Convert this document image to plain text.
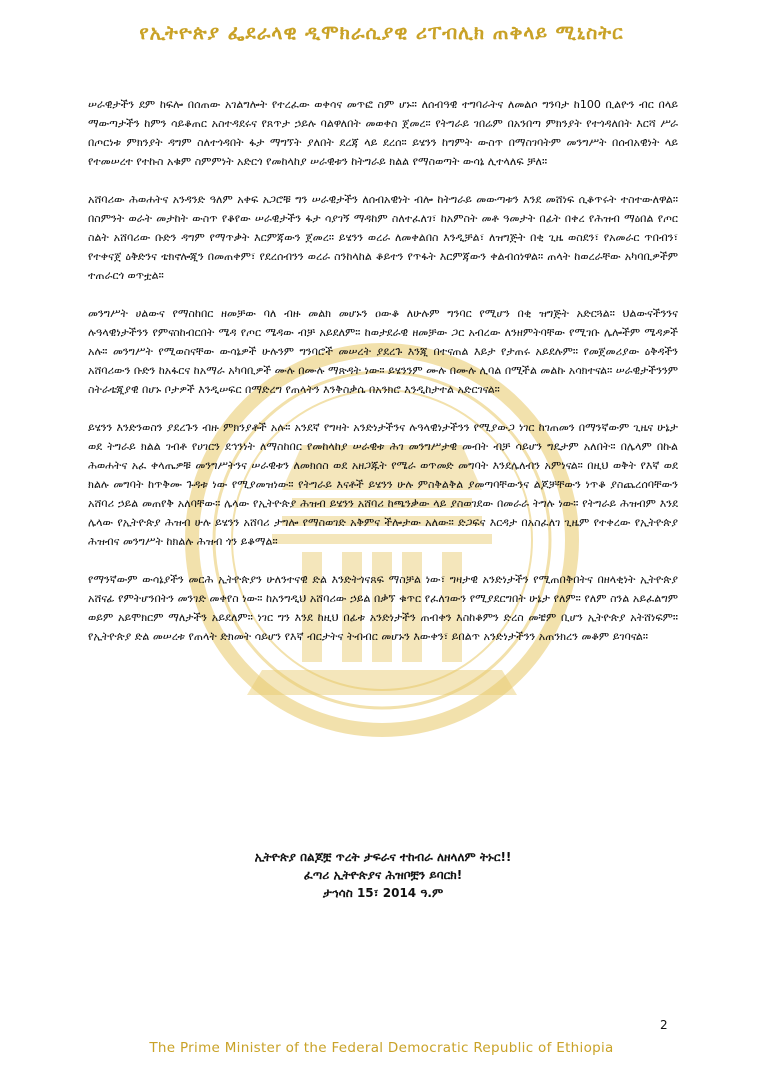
የኢትዮጵያ ፌደራላዊ ዲሞክራሲያዊ ሪፐብሊክ ጠቅላይ ሚኒስትር

ሠራዊታችን ደም ከፍሎ በሰጠው አገልግሎት የተረፈው ወቀሳና መጥፎ ስም ሆኑ። ለሰብዓዊ ተግባራትና ለመልሶ ግንባታ ከ100 ቢልዮን ብር በላይ ማውጣታችን ከምን ሳይቆጠር አስተዳደሩና የጸጥታ ኃይሉ ባልዋለበት መወቀስ ጀመረ። የትግራይ ገበሬም በአንበጣ ምክንያት የተጎዳለበት እርሻ ሥራ በጦርነቱ ምክንያት ዳግም ስለተጎዳበት ፋታ ማግኘት ያለበት ደረጃ ላይ ደረሰ። ይሄንን ከግምት ውስጥ በማስገባትም መንግሥት በሰብአዊነት ላይ የተመሠረተ የተኩስ አቁም ስምምነት አድርጎ የመከላከያ ሠራዊቱን ከትግራይ ክልል የማስወጣት ውሳኔ ሊተላለፍ ቻለ።

አሸባሪው ሕወሐትና አንዳንድ ዓለም አቀፍ አጋሮቹ ግን ሠራዊታችን ለሰብአዊነት ብሎ ከትግራይ መውጣቱን እንደ መሸነፍ ሲቆጥሩት ተስተውለዋል። በስምንት ወራት መታከት ውስጥ የቆየው ሠራዊታችን ፋታ ሳያገኝ ማዳከም ስለተፈለገ፣ ከአምስት መቶ ዓመታት በፊት በቀረ የሕዝብ ማዕበል የጦር ስልት አሸባሪው ቡድን ዳግም የማጥቃት እርምጃውን ጀመረ። ይሄንን ወረራ ለመቀልበስ እንዲቻል፣ ለዝግጅት በቂ ጊዜ ወስደን፣ የአመራር ጥበብን፣ የተቀናጀ ዕቅድንና ቴክኖሎጂን በመጠቀም፣ የደረሰብንን ወረራ ስንከላከል ቆይተን የጥፋት እርምጃውን ቀልብሰነዋል። ጠላት ከወረራቸው አካባቢዎችም ተጠራርጎ ወጥቷል።

መንግሥት ሀልውና የማስከበር ዘመቻው ባለ ብዙ መልክ መሆኑን ዐውቆ ለሁሉም ግንባር የሚሆን በቂ ዝግጅት አድርጓል። ህልውናችንንና ሉዓላዊነታችንን የምናስከብርበት ሜዳ የጦር ሜዳው ብቻ አይደለም። ከወታደራዊ ዘመቻው ጋር አብረው ለንዘምትባቸው የሚገቡ ሌሎችም ሜዳዎች አሉ። መንግሥት የሚወስናቸው ውሳኔዎች ሁሉንም ግንባሮች መሠረት ያደረጉ እንጂ በተናጠል እይታ የታጠሩ አይደሉም። የመጀመሪያው ዕቅዳችን አሸባሪውን ቡድን ከአፋርና ከአማራ አካባቢዎች ሙሉ በሙሉ ማጽዳት ነው። ይሄንንም ሙሉ በሙሉ ሊባል በሚችል መልኩ አሳክተናል። ሠራዊታችንንም ስትራቴጂያዊ በሆኑ ቦታዎች እንዲሠፍር በማድረግ የጠላትን እንቅስቃሴ በአንክሮ እንዲከታተል አድርገናል።

ይሄንን እንድንወስን ያደረጉን ብዙ ምክንያቶች አሉ። አንደኛ የግዛት አንድነታችንና ሉዓላዊነታችንን የሚያውጋ ነገር ከገጠመን በማንኛውም ጊዜና ሁኔታ ወደ ትግራይ ክልል ገብቶ የሀገርን ደኅንነት ለማስከበር የመከላከያ ሠራዊቱ ሕገ መንግሥታዊ መብት ብቻ ሳይሆን ግዴታም አለበት። በሌላም በኩል ሕወሐትና አፈ ቀላጤዎቹ መንግሥትንና ሠራዊቱን ለመክሰስ ወደ አዘጋጁት የሜራ ወጥመድ መግባት እንደሌለብን አምነናል። በዚህ ወቅት የእኛ ወደ ክልሉ መግባት ከጥቅሙ ጉዳቱ ነው የሚያመዝነው። የትግራይ እናቶች ይሄንን ሁሉ ምስቅልቅል ያመጣባቸውንና ልጆቻቸውን ነጥቆ ያስጨረሰባቸውን አሸባሪ ኃይል መጠየቅ አለባቸው። ሌላው የኢትዮጵያ ሕዝብ ይሄንን አሸባሪ ከጫንቃው ላይ ያስወገደው በመራራ ትግሉ ነው። የትግራይ ሕዝብም እንደ ሌላው የኢትዮጵያ ሕዝብ ሁሉ ይሄንን አሸባሪ ታግሎ የማስወገድ አቅምና ችሎታው አለው። ድጋፍና እርዳታ በአስፈለገ ጊዜም የተቀረው የኢትዮጵያ ሕዝብና መንግሥት ከክልሉ ሕዝብ ጎን ይቆማል።

የማንኛውም ውሳኔያችን መርሕ ኢትዮጵያን ሁለንተናዊ ድል እንድትጎናጸፍ ማስቻል ነው፣ ግዛታዊ አንድነታችን የሚጠበቅበትና በዘላቂነት ኢትዮጵያ አሸናፊ የምትሆንበትን መንገድ መቀየስ ነው። ከአንግዲህ አሸባሪው ኃይል በቃኘ ቁጥር የፈለገውን የሚያደርግበት ሁኔታ የለም። የለም ስንል አይፈልግም ወይም አይሞክርም ማለታችን አይደለም። ነገር ግን እንደ ከዚህ በፊቱ አንድነታችን ጠብቀን እስከቆምን ድረስ መቼም ቢሆን ኢትዮጵያ አትሸነፍም። የኢትዮጵያ ድል መሠረቱ የጠላት ድክመት ሳይሆን የእኛ ብርታትና ትብብር መሆኑን እውቀን፣ ይበልጥ አንድነታችንን አጠንክረን መቆም ይገባናል።

ኢትዮጵያ በልጆቿ ጥረት ታፍራና ተከብራ ለዘላለም ትኑር!!
ፈጣሪ ኢትዮጵያና ሕዝቦቿን ይባርክ!
ታኅሳስ 15፣ 2014 ዓ.ም
2
The Prime Minister of the Federal Democratic Republic of Ethiopia
